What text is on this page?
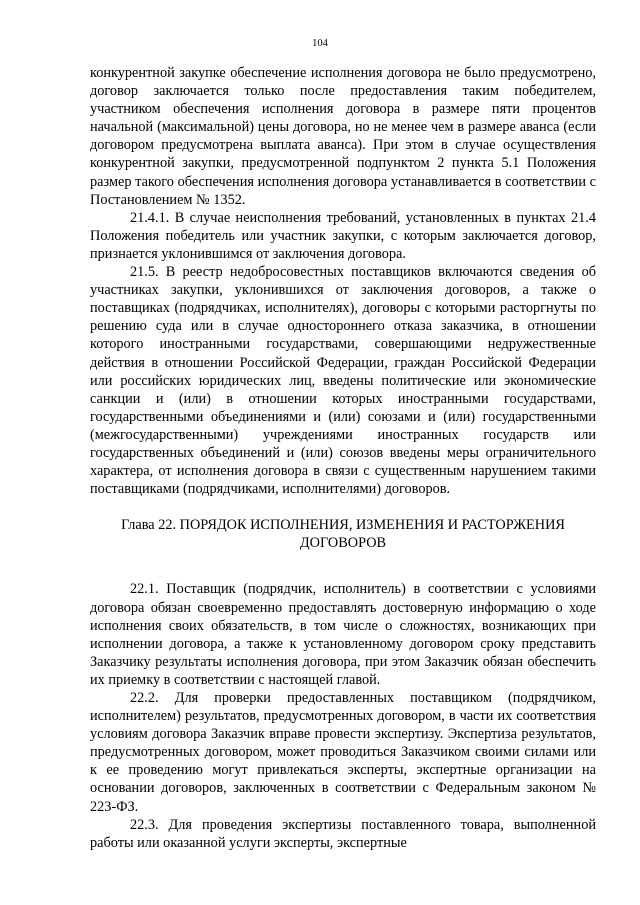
104

конкурентной закупке обеспечение исполнения договора не было предусмотрено, договор заключается только после предоставления таким победителем, участником обеспечения исполнения договора в размере пяти процентов начальной (максимальной) цены договора, но не менее чем в размере аванса (если договором предусмотрена выплата аванса). При этом в случае осуществления конкурентной закупки, предусмотренной подпунктом 2 пункта 5.1 Положения размер такого обеспечения исполнения договора устанавливается в соответствии с Постановлением № 1352.

21.4.1. В случае неисполнения требований, установленных в пунктах 21.4 Положения победитель или участник закупки, с которым заключается договор, признается уклонившимся от заключения договора.

21.5. В реестр недобросовестных поставщиков включаются сведения об участниках закупки, уклонившихся от заключения договоров, а также о поставщиках (подрядчиках, исполнителях), договоры с которыми расторгнуты по решению суда или в случае одностороннего отказа заказчика, в отношении которого иностранными государствами, совершающими недружественные действия в отношении Российской Федерации, граждан Российской Федерации или российских юридических лиц, введены политические или экономические санкции и (или) в отношении которых иностранными государствами, государственными объединениями и (или) союзами и (или) государственными (межгосударственными) учреждениями иностранных государств или государственных объединений и (или) союзов введены меры ограничительного характера, от исполнения договора в связи с существенным нарушением такими поставщиками (подрядчиками, исполнителями) договоров.

Глава 22. ПОРЯДОК ИСПОЛНЕНИЯ, ИЗМЕНЕНИЯ И РАСТОРЖЕНИЯ ДОГОВОРОВ

22.1. Поставщик (подрядчик, исполнитель) в соответствии с условиями договора обязан своевременно предоставлять достоверную информацию о ходе исполнения своих обязательств, в том числе о сложностях, возникающих при исполнении договора, а также к установленному договором сроку представить Заказчику результаты исполнения договора, при этом Заказчик обязан обеспечить их приемку в соответствии с настоящей главой.

22.2. Для проверки предоставленных поставщиком (подрядчиком, исполнителем) результатов, предусмотренных договором, в части их соответствия условиям договора Заказчик вправе провести экспертизу. Экспертиза результатов, предусмотренных договором, может проводиться Заказчиком своими силами или к ее проведению могут привлекаться эксперты, экспертные организации на основании договоров, заключенных в соответствии с Федеральным законом № 223-ФЗ.

22.3. Для проведения экспертизы поставленного товара, выполненной работы или оказанной услуги эксперты, экспертные
